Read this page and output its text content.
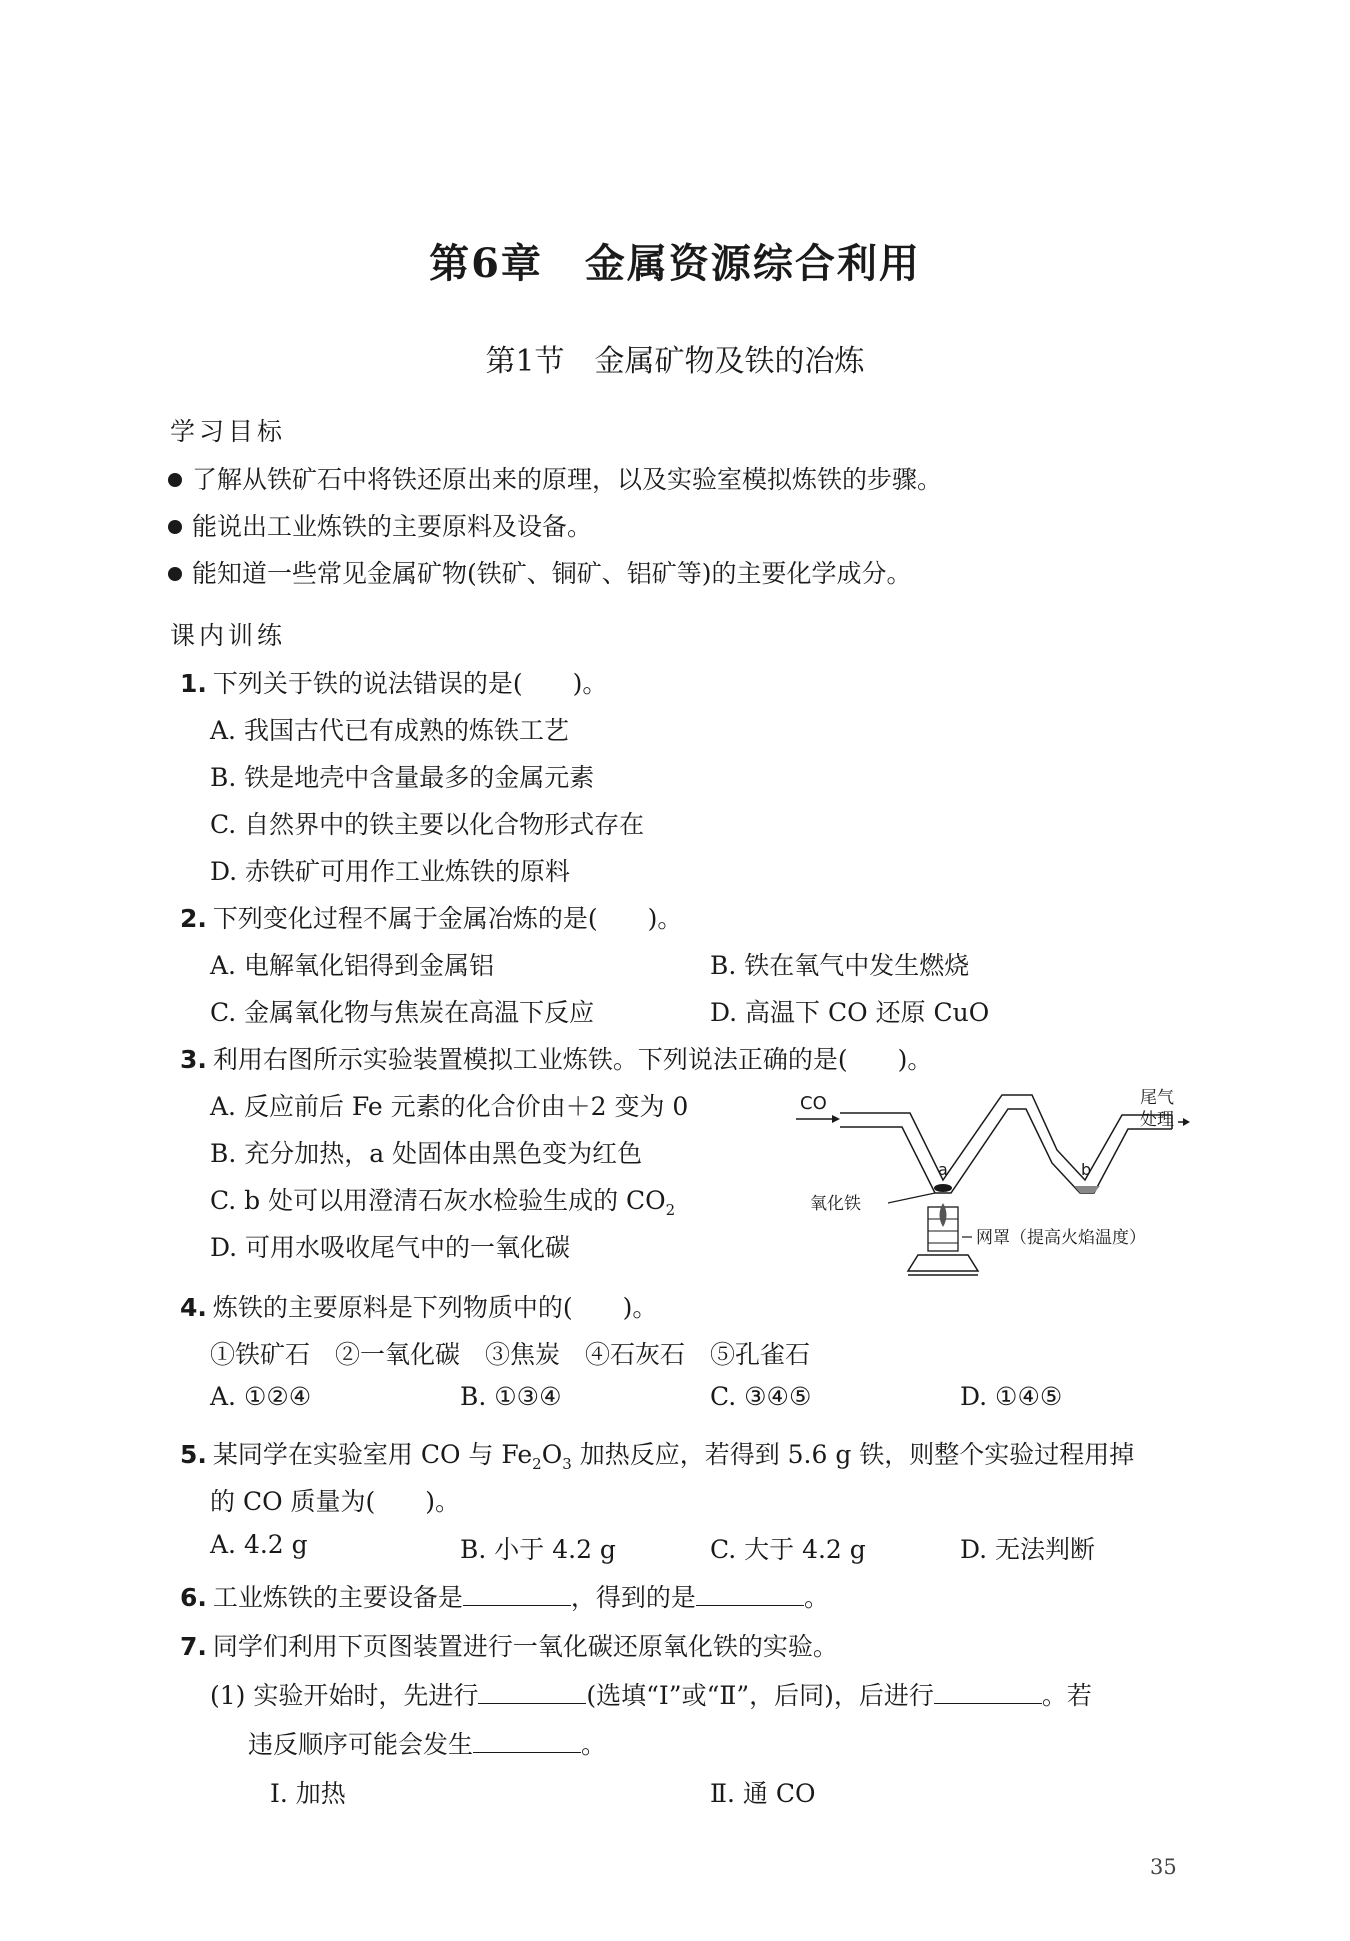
第6章　金属资源综合利用
第1节　金属矿物及铁的冶炼
学习目标
了解从铁矿石中将铁还原出来的原理，以及实验室模拟炼铁的步骤。
能说出工业炼铁的主要原料及设备。
能知道一些常见金属矿物(铁矿、铜矿、铝矿等)的主要化学成分。
课内训练
1. 下列关于铁的说法错误的是(　　)。
A. 我国古代已有成熟的炼铁工艺
B. 铁是地壳中含量最多的金属元素
C. 自然界中的铁主要以化合物形式存在
D. 赤铁矿可用作工业炼铁的原料
2. 下列变化过程不属于金属冶炼的是(　　)。
A. 电解氧化铝得到金属铝	B. 铁在氧气中发生燃烧
C. 金属氧化物与焦炭在高温下反应	D. 高温下 CO 还原 CuO
3. 利用右图所示实验装置模拟工业炼铁。下列说法正确的是(　　)。
A. 反应前后 Fe 元素的化合价由＋2 变为 0
B. 充分加热，a 处固体由黑色变为红色
C. b 处可以用澄清石灰水检验生成的 $CO_2$
D. 可用水吸收尾气中的一氧化碳
CO	尾气
处理
a	b
氧化铁
网罩（提高火焰温度）
4. 炼铁的主要原料是下列物质中的(　　)。
①铁矿石　②一氧化碳　③焦炭　④石灰石　⑤孔雀石
A. ①②④	B. ①③④	C. ③④⑤	D. ①④⑤
5. 某同学在实验室用 CO 与 $Fe_2O_3$ 加热反应，若得到 5.6 g 铁，则整个实验过程用掉
的 CO 质量为(　　)。
A. 4.2 g	B. 小于 4.2 g	C. 大于 4.2 g	D. 无法判断
6. 工业炼铁的主要设备是	，得到的是	。
7. 同学们利用下页图装置进行一氧化碳还原氧化铁的实验。
(1) 实验开始时，先进行	(选填“Ⅰ”或“Ⅱ”，后同)，后进行	。若
违反顺序可能会发生	。
Ⅰ. 加热	Ⅱ. 通 CO
35
